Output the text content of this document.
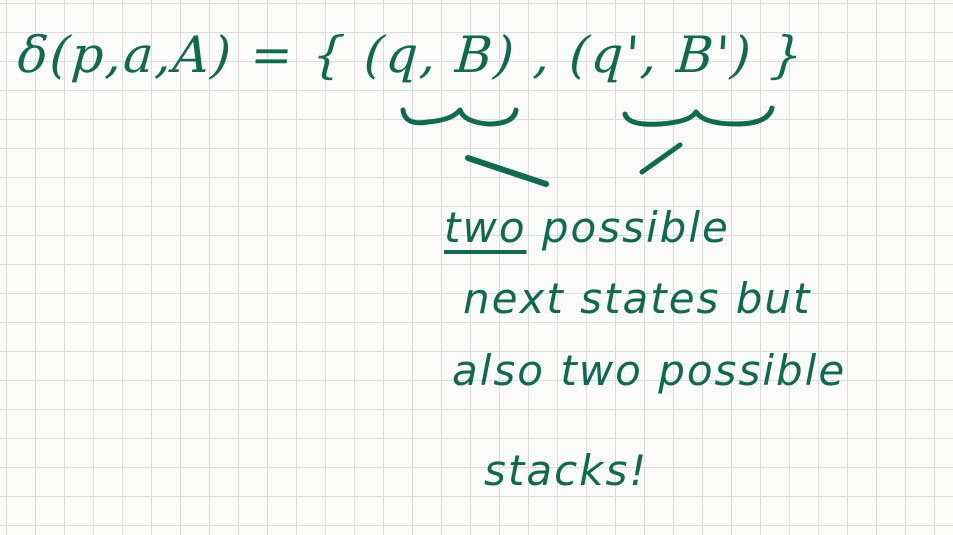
δ(p,a,A) = { (q, B) , (q', B') }
two possible
next states but
also two possible
stacks!
